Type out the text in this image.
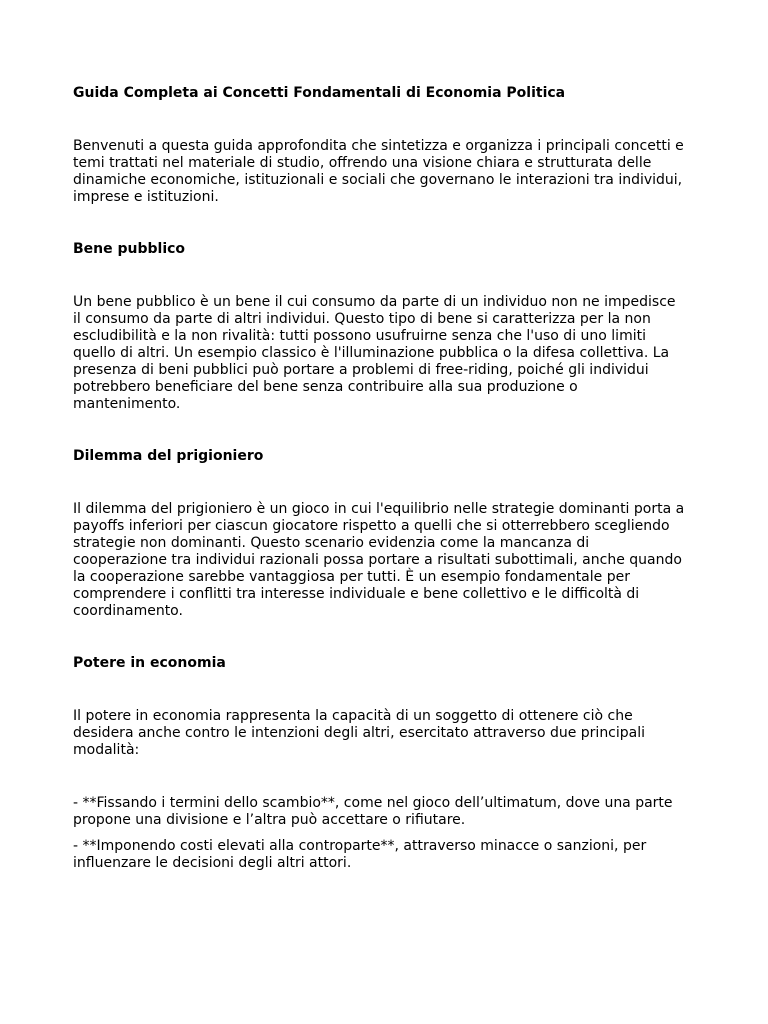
Guida Completa ai Concetti Fondamentali di Economia Politica

Benvenuti a questa guida approfondita che sintetizza e organizza i principali concetti e
temi trattati nel materiale di studio, offrendo una visione chiara e strutturata delle
dinamiche economiche, istituzionali e sociali che governano le interazioni tra individui,
imprese e istituzioni.

Bene pubblico

Un bene pubblico è un bene il cui consumo da parte di un individuo non ne impedisce
il consumo da parte di altri individui. Questo tipo di bene si caratterizza per la non
escludibilità e la non rivalità: tutti possono usufruirne senza che l'uso di uno limiti
quello di altri. Un esempio classico è l'illuminazione pubblica o la difesa collettiva. La
presenza di beni pubblici può portare a problemi di free-riding, poiché gli individui
potrebbero beneficiare del bene senza contribuire alla sua produzione o
mantenimento.

Dilemma del prigioniero

Il dilemma del prigioniero è un gioco in cui l'equilibrio nelle strategie dominanti porta a
payoffs inferiori per ciascun giocatore rispetto a quelli che si otterrebbero scegliendo
strategie non dominanti. Questo scenario evidenzia come la mancanza di
cooperazione tra individui razionali possa portare a risultati subottimali, anche quando
la cooperazione sarebbe vantaggiosa per tutti. È un esempio fondamentale per
comprendere i conflitti tra interesse individuale e bene collettivo e le difficoltà di
coordinamento.

Potere in economia

Il potere in economia rappresenta la capacità di un soggetto di ottenere ciò che
desidera anche contro le intenzioni degli altri, esercitato attraverso due principali
modalità:

- **Fissando i termini dello scambio**, come nel gioco dell’ultimatum, dove una parte
propone una divisione e l’altra può accettare o rifiutare.

- **Imponendo costi elevati alla controparte**, attraverso minacce o sanzioni, per
influenzare le decisioni degli altri attori.
